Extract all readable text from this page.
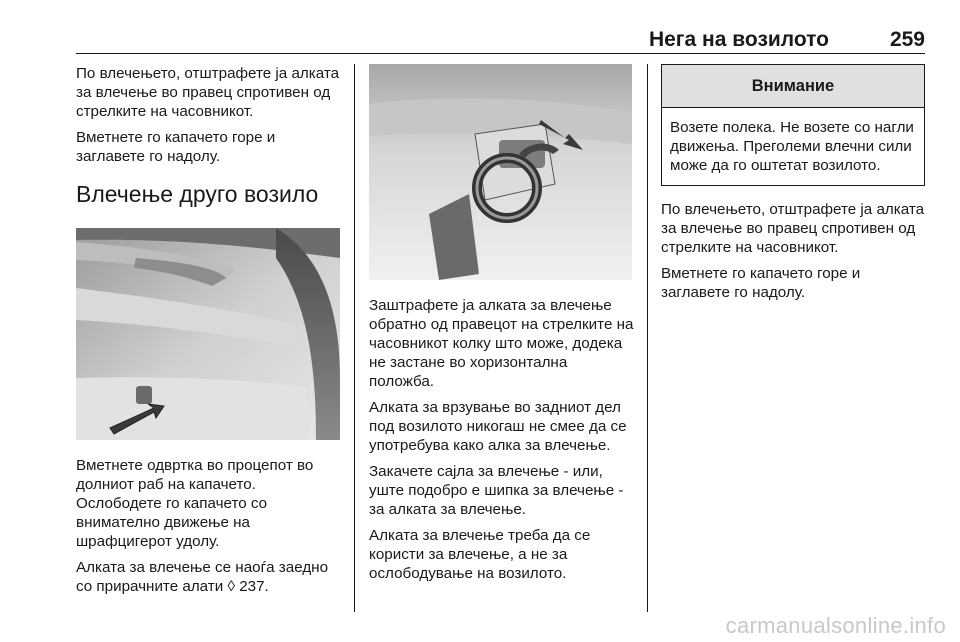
Нега на возилото	259

По влечењето, отштрафете ја алката за влечење во правец спротивен од стрелките на часовникот.

Вметнете го капачето горе и заглавете го надолу.

Влечење друго возило

Вметнете одвртка во процепот во долниот раб на капачето. Ослободете го капачето со внимателно движење на шрафцигерот удолу.

Алката за влечење се наоѓа заедно со прирачните алати ◊ 237.

Заштрафете ја алката за влечење обратно од правецот на стрелките на часовникот колку што може, додека не застане во хоризонтална положба.

Алката за врзување во задниот дел под возилото никогаш не смее да се употребува како алка за влечење.

Закачете сајла за влечење - или, уште подобро е шипка за влечење - за алката за влечење.

Алката за влечење треба да се користи за влечење, а не за ослободување на возилото.

Внимание
Возете полека. Не возете со нагли движења. Преголеми влечни сили може да го оштетат возилото.

По влечењето, отштрафете ја алката за влечење во правец спротивен од стрелките на часовникот.

Вметнете го капачето горе и заглавете го надолу.

carmanualsonline.info
